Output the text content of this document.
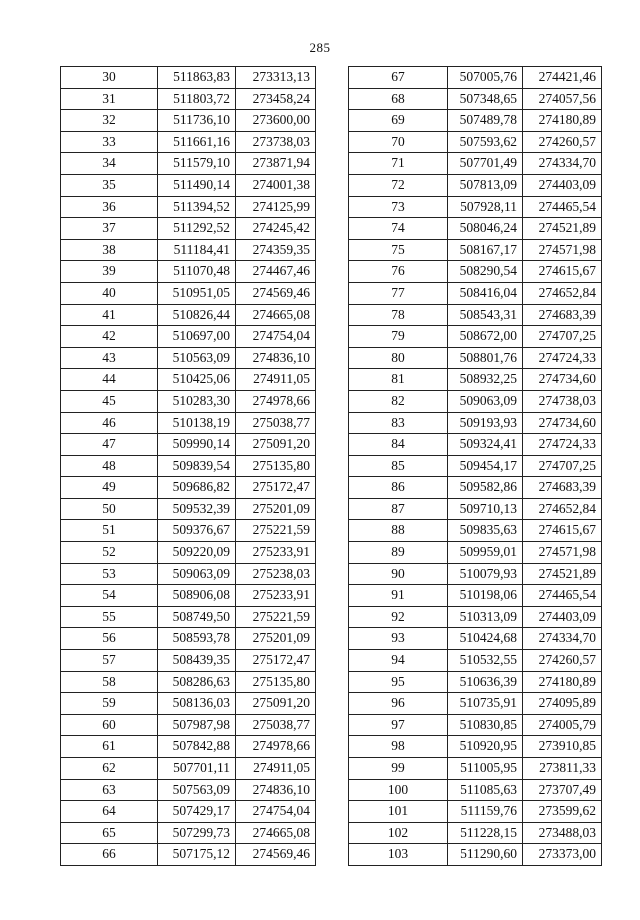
285
30	511863,83	273313,13
31	511803,72	273458,24
32	511736,10	273600,00
33	511661,16	273738,03
34	511579,10	273871,94
35	511490,14	274001,38
36	511394,52	274125,99
37	511292,52	274245,42
38	511184,41	274359,35
39	511070,48	274467,46
40	510951,05	274569,46
41	510826,44	274665,08
42	510697,00	274754,04
43	510563,09	274836,10
44	510425,06	274911,05
45	510283,30	274978,66
46	510138,19	275038,77
47	509990,14	275091,20
48	509839,54	275135,80
49	509686,82	275172,47
50	509532,39	275201,09
51	509376,67	275221,59
52	509220,09	275233,91
53	509063,09	275238,03
54	508906,08	275233,91
55	508749,50	275221,59
56	508593,78	275201,09
57	508439,35	275172,47
58	508286,63	275135,80
59	508136,03	275091,20
60	507987,98	275038,77
61	507842,88	274978,66
62	507701,11	274911,05
63	507563,09	274836,10
64	507429,17	274754,04
65	507299,73	274665,08
66	507175,12	274569,46
67	507005,76	274421,46
68	507348,65	274057,56
69	507489,78	274180,89
70	507593,62	274260,57
71	507701,49	274334,70
72	507813,09	274403,09
73	507928,11	274465,54
74	508046,24	274521,89
75	508167,17	274571,98
76	508290,54	274615,67
77	508416,04	274652,84
78	508543,31	274683,39
79	508672,00	274707,25
80	508801,76	274724,33
81	508932,25	274734,60
82	509063,09	274738,03
83	509193,93	274734,60
84	509324,41	274724,33
85	509454,17	274707,25
86	509582,86	274683,39
87	509710,13	274652,84
88	509835,63	274615,67
89	509959,01	274571,98
90	510079,93	274521,89
91	510198,06	274465,54
92	510313,09	274403,09
93	510424,68	274334,70
94	510532,55	274260,57
95	510636,39	274180,89
96	510735,91	274095,89
97	510830,85	274005,79
98	510920,95	273910,85
99	511005,95	273811,33
100	511085,63	273707,49
101	511159,76	273599,62
102	511228,15	273488,03
103	511290,60	273373,00
